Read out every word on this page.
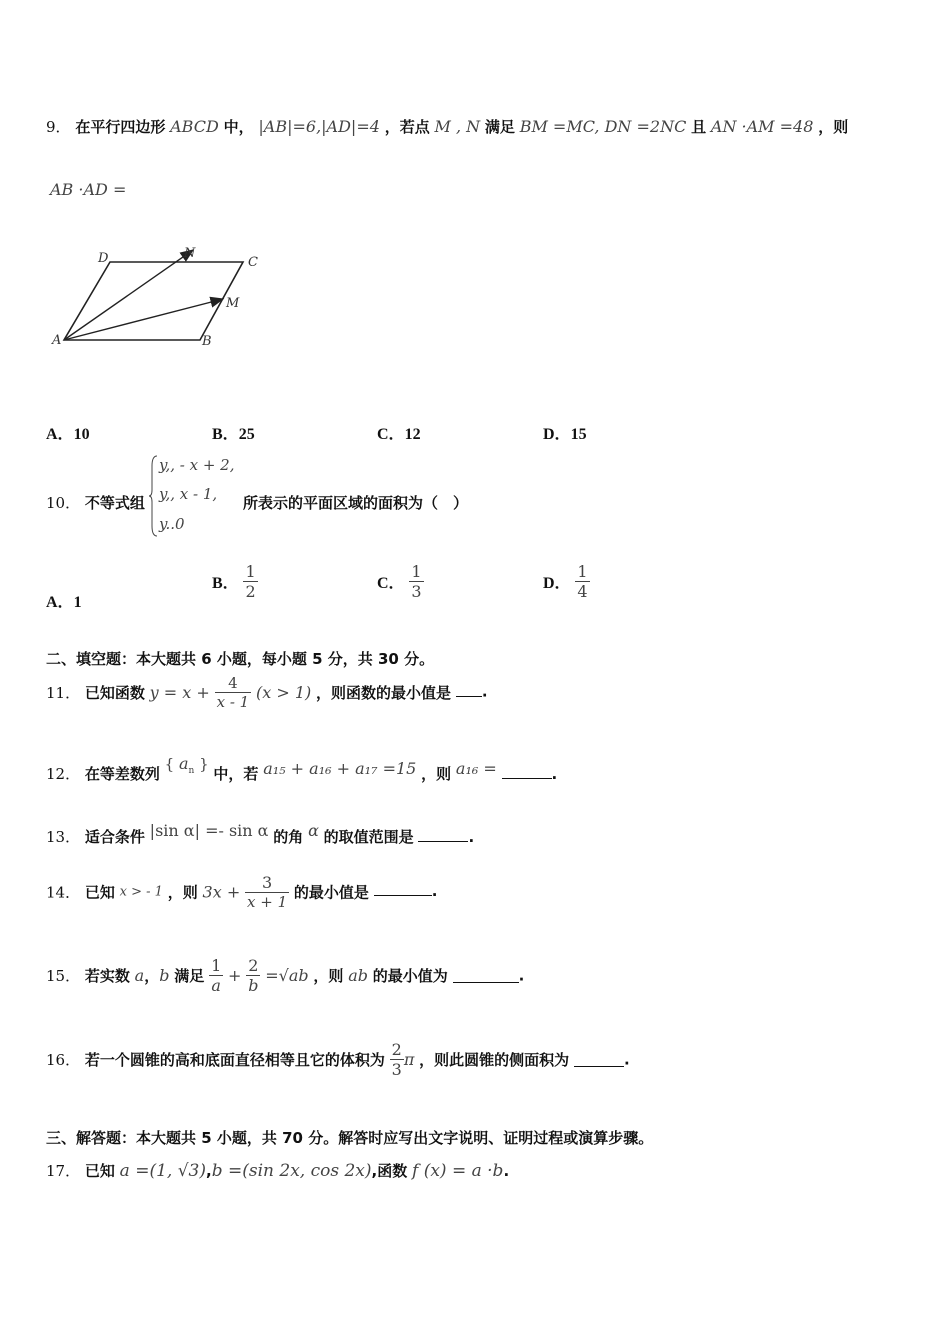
9． 在平行四边形 ABCD 中， |AB|=6,|AD|=4 ，若点 M , N 满足 BM =MC, DN =2NC 且 AN ·AM =48 ，则
AB ·AD =
A	B
C
D	N
M
A．10	B．25	C．12	D．15
10． 不等式组
y,, - x + 2,
y,, x - 1,
y..0
所表示的平面区域的面积为（　）
A．1
B． $\frac{1}{2}$	C． $\frac{1}{3}$	D． $\frac{1}{4}$
二、填空题：本大题共 6 小题，每小题 5 分，共 30 分。
11． 已知函数 $y = x + \frac{4}{x - 1} (x > 1)$ ，则函数的最小值是 .
12． 在等差数列 { $a_n$ } 中，若 a₁₅ + a₁₆ + a₁₇ =15 ，则 a₁₆ =	.
13． 适合条件 |sin α| =- sin α 的角 α 的取值范围是	.
14． 已知 x > - 1 ，则 $3x + \frac{3}{x + 1}$ 的最小值是	.
15． 若实数 a，b 满足 $\frac{1}{a} + \frac{2}{b} =√ab$ ，则 ab 的最小值为	.
16． 若一个圆锥的高和底面直径相等且它的体积为 $\frac{2}{3}$ π ，则此圆锥的侧面积为	.
三、解答题：本大题共 5 小题，共 70 分。解答时应写出文字说明、证明过程或演算步骤。
17． 已知 a =(1, √3),b =(sin 2x, cos 2x),函数 f (x) = a ·b.
